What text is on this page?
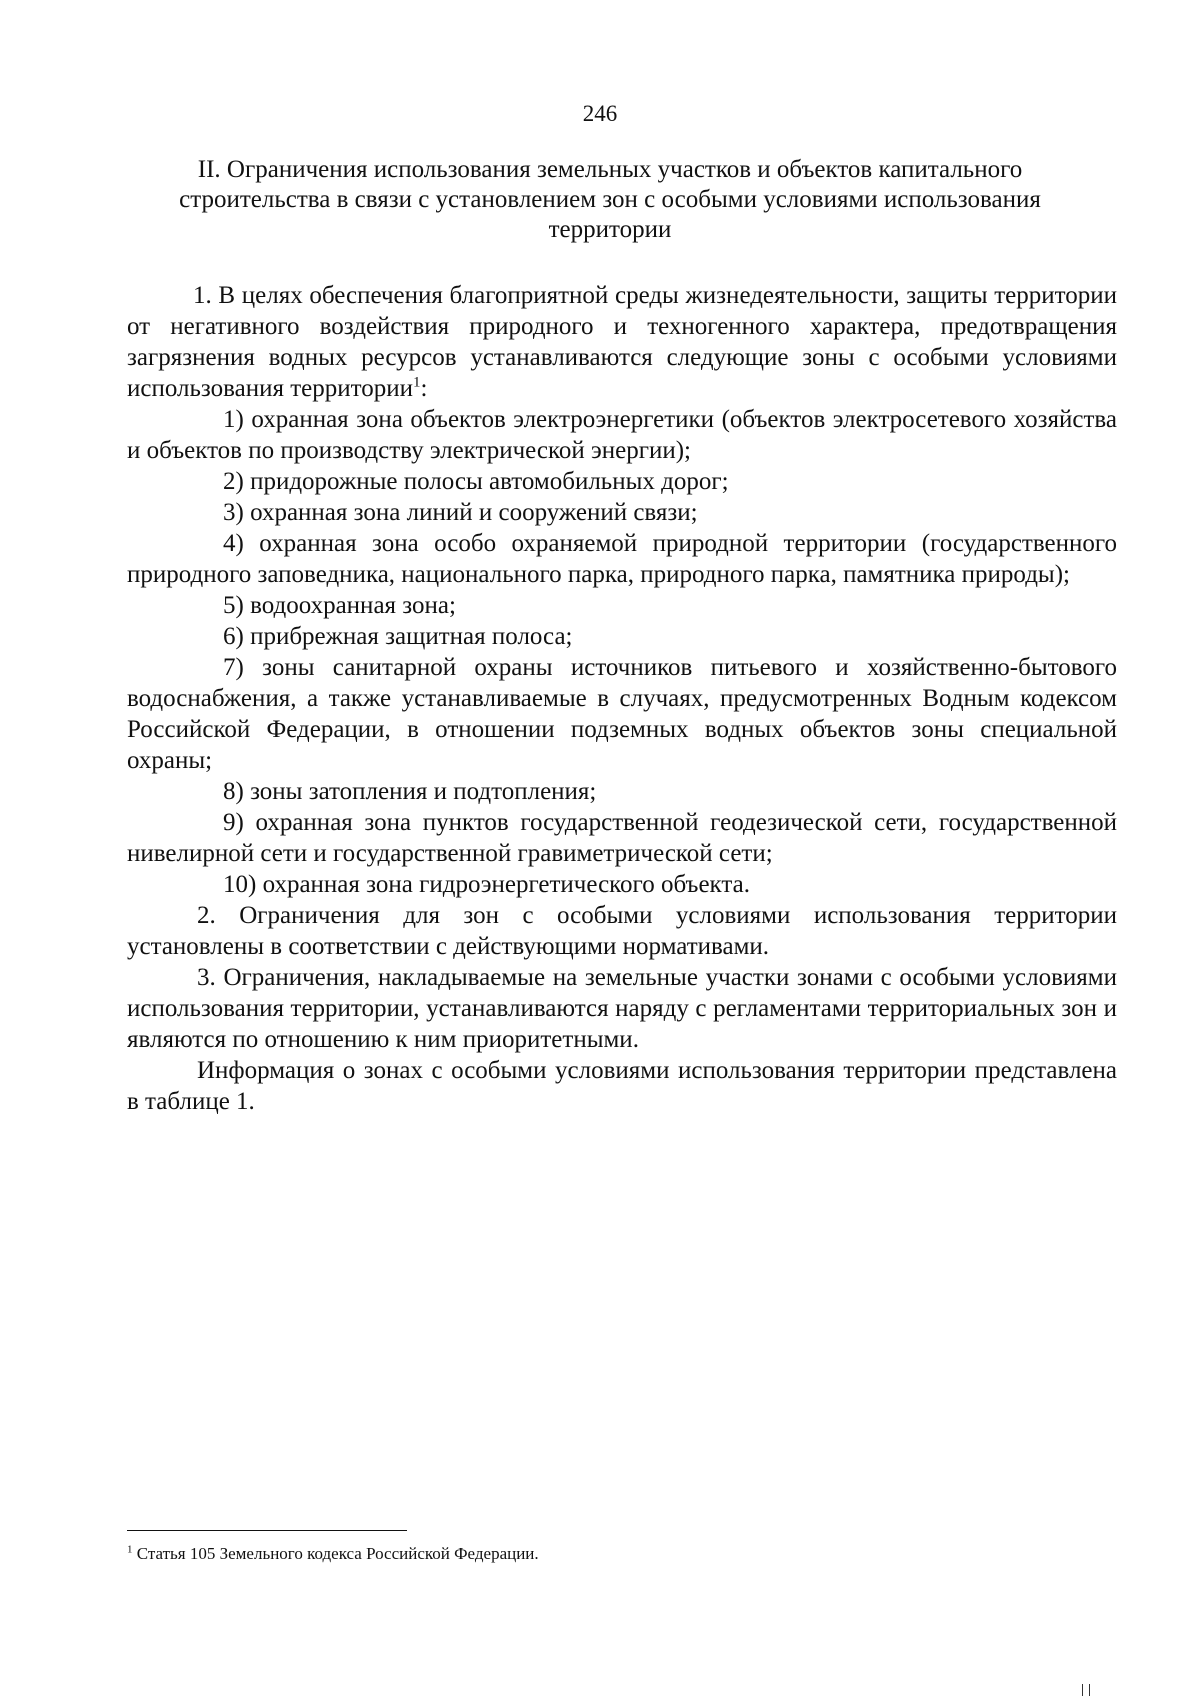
246
II. Ограничения использования земельных участков и объектов капитального строительства в связи с установлением зон с особыми условиями использования территории

1. В целях обеспечения благоприятной среды жизнедеятельности, защиты территории от негативного воздействия природного и техногенного характера, предотвращения загрязнения водных ресурсов устанавливаются следующие зоны с особыми условиями использования территории$^1$:

1) охранная зона объектов электроэнергетики (объектов электросетевого хозяйства и объектов по производству электрической энергии);

2) придорожные полосы автомобильных дорог;

3) охранная зона линий и сооружений связи;

4) охранная зона особо охраняемой природной территории (государственного природного заповедника, национального парка, природного парка, памятника природы);

5) водоохранная зона;

6) прибрежная защитная полоса;

7) зоны санитарной охраны источников питьевого и хозяйственно-бытового водоснабжения, а также устанавливаемые в случаях, предусмотренных Водным кодексом Российской Федерации, в отношении подземных водных объектов зоны специальной охраны;

8) зоны затопления и подтопления;

9) охранная зона пунктов государственной геодезической сети, государственной нивелирной сети и государственной гравиметрической сети;

10) охранная зона гидроэнергетического объекта.

2. Ограничения для зон с особыми условиями использования территории установлены в соответствии с действующими нормативами.

3. Ограничения, накладываемые на земельные участки зонами с особыми условиями использования территории, устанавливаются наряду с регламентами территориальных зон и являются по отношению к ним приоритетными.

Информация о зонах с особыми условиями использования территории представлена в таблице 1.

$^1$ Статья 105 Земельного кодекса Российской Федерации.
